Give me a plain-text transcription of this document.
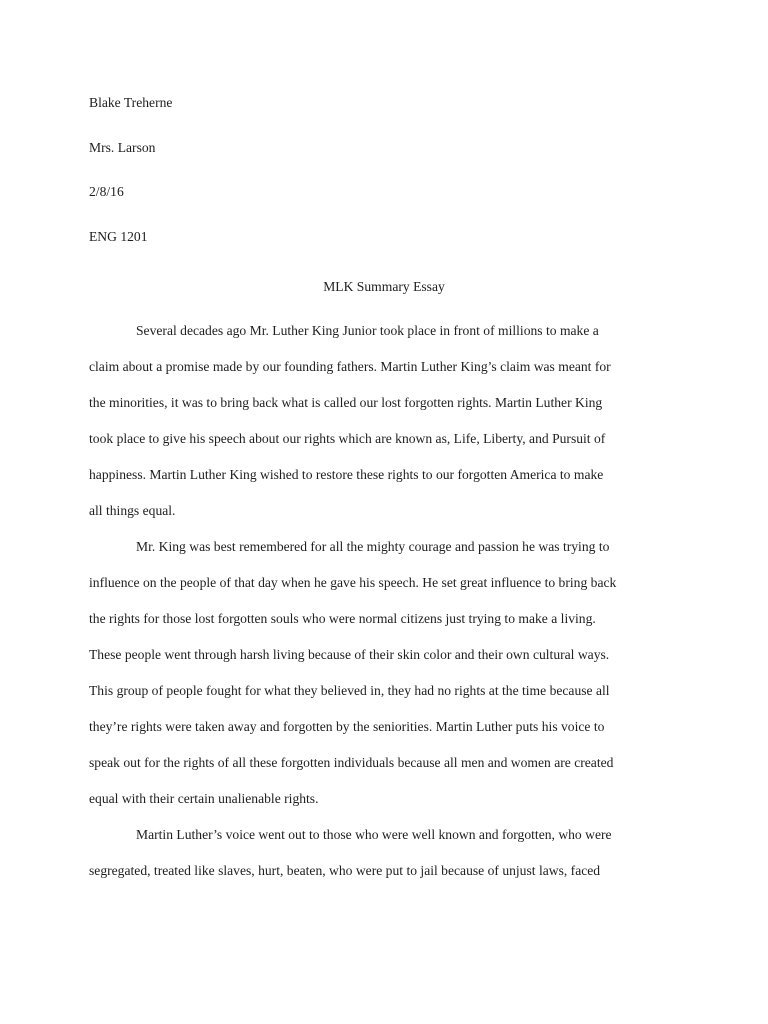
Blake Treherne
Mrs. Larson
2/8/16
ENG 1201
MLK Summary Essay
Several decades ago Mr. Luther King Junior took place in front of millions to make a
claim about a promise made by our founding fathers. Martin Luther King’s claim was meant for
the minorities, it was to bring back what is called our lost forgotten rights. Martin Luther King
took place to give his speech about our rights which are known as, Life, Liberty, and Pursuit of
happiness. Martin Luther King wished to restore these rights to our forgotten America to make
all things equal.
Mr. King was best remembered for all the mighty courage and passion he was trying to
influence on the people of that day when he gave his speech. He set great influence to bring back
the rights for those lost forgotten souls who were normal citizens just trying to make a living.
These people went through harsh living because of their skin color and their own cultural ways.
This group of people fought for what they believed in, they had no rights at the time because all
they’re rights were taken away and forgotten by the seniorities. Martin Luther puts his voice to
speak out for the rights of all these forgotten individuals because all men and women are created
equal with their certain unalienable rights.
Martin Luther’s voice went out to those who were well known and forgotten, who were
segregated, treated like slaves, hurt, beaten, who were put to jail because of unjust laws, faced
